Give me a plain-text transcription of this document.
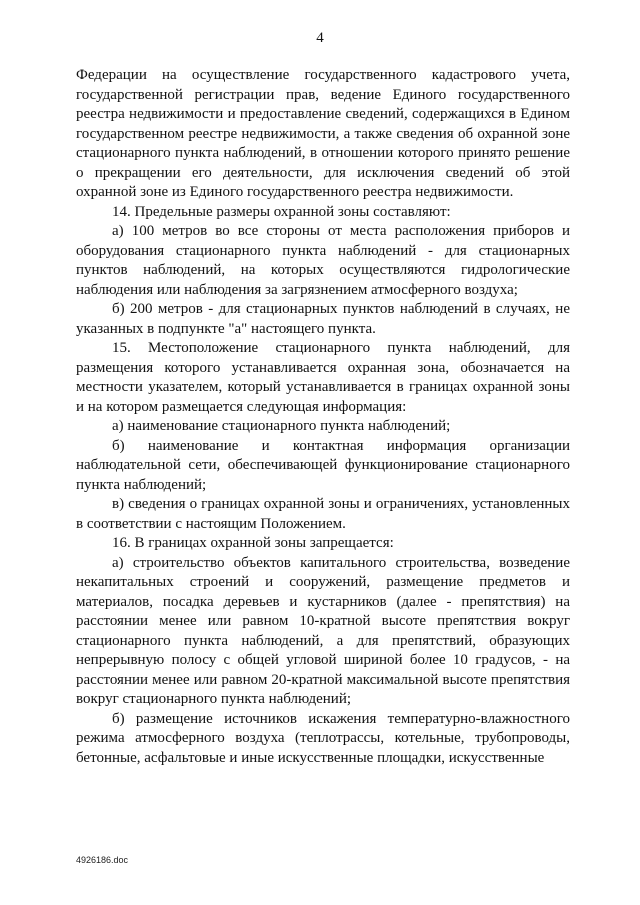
4

Федерации на осуществление государственного кадастрового учета, государственной регистрации прав, ведение Единого государственного реестра недвижимости и предоставление сведений, содержащихся в Едином государственном реестре недвижимости, а также сведения об охранной зоне стационарного пункта наблюдений, в отношении которого принято решение о прекращении его деятельности, для исключения сведений об этой охранной зоне из Единого государственного реестра недвижимости.

14. Предельные размеры охранной зоны составляют:

а) 100 метров во все стороны от места расположения приборов и оборудования стационарного пункта наблюдений - для стационарных пунктов наблюдений, на которых осуществляются гидрологические наблюдения или наблюдения за загрязнением атмосферного воздуха;

б) 200 метров - для стационарных пунктов наблюдений в случаях, не указанных в подпункте "а" настоящего пункта.

15. Местоположение стационарного пункта наблюдений, для размещения которого устанавливается охранная зона, обозначается на местности указателем, который устанавливается в границах охранной зоны и на котором размещается следующая информация:

а) наименование стационарного пункта наблюдений;

б) наименование и контактная информация организации наблюдательной сети, обеспечивающей функционирование стационарного пункта наблюдений;

в) сведения о границах охранной зоны и ограничениях, установленных в соответствии с настоящим Положением.

16. В границах охранной зоны запрещается:

а) строительство объектов капитального строительства, возведение некапитальных строений и сооружений, размещение предметов и материалов, посадка деревьев и кустарников (далее - препятствия) на расстоянии менее или равном 10-кратной высоте препятствия вокруг стационарного пункта наблюдений, а для препятствий, образующих непрерывную полосу с общей угловой шириной более 10 градусов, - на расстоянии менее или равном 20-кратной максимальной высоте препятствия вокруг стационарного пункта наблюдений;

б) размещение источников искажения температурно-влажностного режима атмосферного воздуха (теплотрассы, котельные, трубопроводы, бетонные, асфальтовые и иные искусственные площадки, искусственные

4926186.doc
